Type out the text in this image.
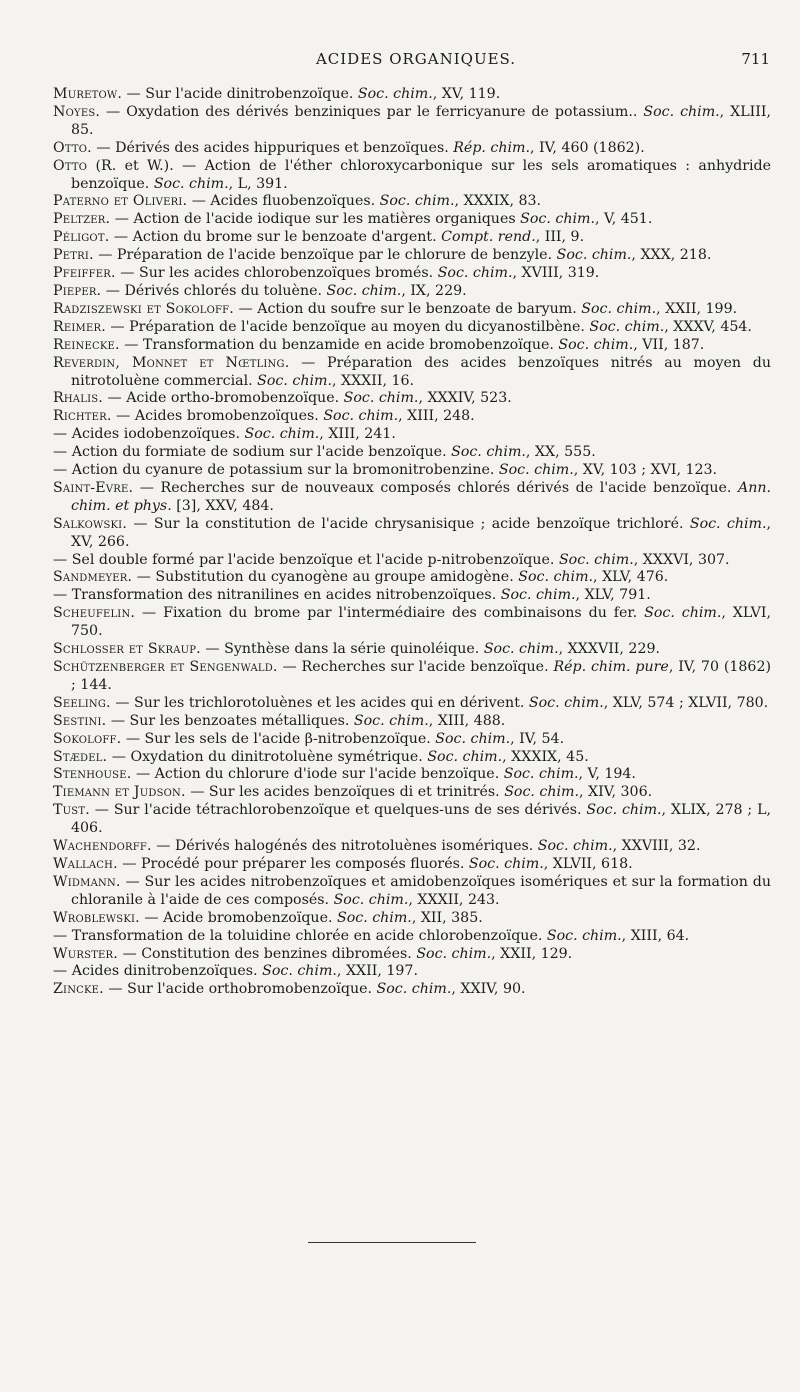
ACIDES ORGANIQUES.	711

Muretow. — Sur l'acide dinitrobenzoïque. Soc. chim., XV, 119.

Noyes. — Oxydation des dérivés benziniques par le ferricyanure de potassium.. Soc. chim., XLIII, 85.

Otto. — Dérivés des acides hippuriques et benzoïques. Rép. chim., IV, 460 (1862).

Otto (R. et W.). — Action de l'éther chloroxycarbonique sur les sels aromatiques : anhydride benzoïque. Soc. chim., L, 391.

Paterno et Oliveri. — Acides fluobenzoïques. Soc. chim., XXXIX, 83.

Peltzer. — Action de l'acide iodique sur les matières organiques Soc. chim., V, 451.

Péligot. — Action du brome sur le benzoate d'argent. Compt. rend., III, 9.

Petri. — Préparation de l'acide benzoïque par le chlorure de benzyle. Soc. chim., XXX, 218.

Pfeiffer. — Sur les acides chlorobenzoïques bromés. Soc. chim., XVIII, 319.

Pieper. — Dérivés chlorés du toluène. Soc. chim., IX, 229.

Radziszewski et Sokoloff. — Action du soufre sur le benzoate de baryum. Soc. chim., XXII, 199.

Reimer. — Préparation de l'acide benzoïque au moyen du dicyanostilbène. Soc. chim., XXXV, 454.

Reinecke. — Transformation du benzamide en acide bromobenzoïque. Soc. chim., VII, 187.

Reverdin, Monnet et Nœtling. — Préparation des acides benzoïques nitrés au moyen du nitrotoluène commercial. Soc. chim., XXXII, 16.

Rhalis. — Acide ortho-bromobenzoïque. Soc. chim., XXXIV, 523.

Richter. — Acides bromobenzoïques. Soc. chim., XIII, 248.

— Acides iodobenzoïques. Soc. chim., XIII, 241.

— Action du formiate de sodium sur l'acide benzoïque. Soc. chim., XX, 555.

— Action du cyanure de potassium sur la bromonitrobenzine. Soc. chim., XV, 103 ; XVI, 123.

Saint-Evre. — Recherches sur de nouveaux composés chlorés dérivés de l'acide benzoïque. Ann. chim. et phys. [3], XXV, 484.

Salkowski. — Sur la constitution de l'acide chrysanisique ; acide benzoïque trichloré. Soc. chim., XV, 266.

— Sel double formé par l'acide benzoïque et l'acide p-nitrobenzoïque. Soc. chim., XXXVI, 307.

Sandmeyer. — Substitution du cyanogène au groupe amidogène. Soc. chim., XLV, 476.

— Transformation des nitranilines en acides nitrobenzoïques. Soc. chim., XLV, 791.

Scheufelin. — Fixation du brome par l'intermédiaire des combinaisons du fer. Soc. chim., XLVI, 750.

Schlosser et Skraup. — Synthèse dans la série quinoléique. Soc. chim., XXXVII, 229.

Schützenberger et Sengenwald. — Recherches sur l'acide benzoïque. Rép. chim. pure, IV, 70 (1862) ; 144.

Seeling. — Sur les trichlorotoluènes et les acides qui en dérivent. Soc. chim., XLV, 574 ; XLVII, 780.

Sestini. — Sur les benzoates métalliques. Soc. chim., XIII, 488.

Sokoloff. — Sur les sels de l'acide β-nitrobenzoïque. Soc. chim., IV, 54.

Stædel. — Oxydation du dinitrotoluène symétrique. Soc. chim., XXXIX, 45.

Stenhouse. — Action du chlorure d'iode sur l'acide benzoïque. Soc. chim., V, 194.

Tiemann et Judson. — Sur les acides benzoïques di et trinitrés. Soc. chim., XIV, 306.

Tust. — Sur l'acide tétrachlorobenzoïque et quelques-uns de ses dérivés. Soc. chim., XLIX, 278 ; L, 406.

Wachendorff. — Dérivés halogénés des nitrotoluènes isomériques. Soc. chim., XXVIII, 32.

Wallach. — Procédé pour préparer les composés fluorés. Soc. chim., XLVII, 618.

Widmann. — Sur les acides nitrobenzoïques et amidobenzoïques isomériques et sur la formation du chloranile à l'aide de ces composés. Soc. chim., XXXII, 243.

Wroblewski. — Acide bromobenzoïque. Soc. chim., XII, 385.

— Transformation de la toluidine chlorée en acide chlorobenzoïque. Soc. chim., XIII, 64.

Wurster. — Constitution des benzines dibromées. Soc. chim., XXII, 129.

— Acides dinitrobenzoïques. Soc. chim., XXII, 197.

Zincke. — Sur l'acide orthobromobenzoïque. Soc. chim., XXIV, 90.
